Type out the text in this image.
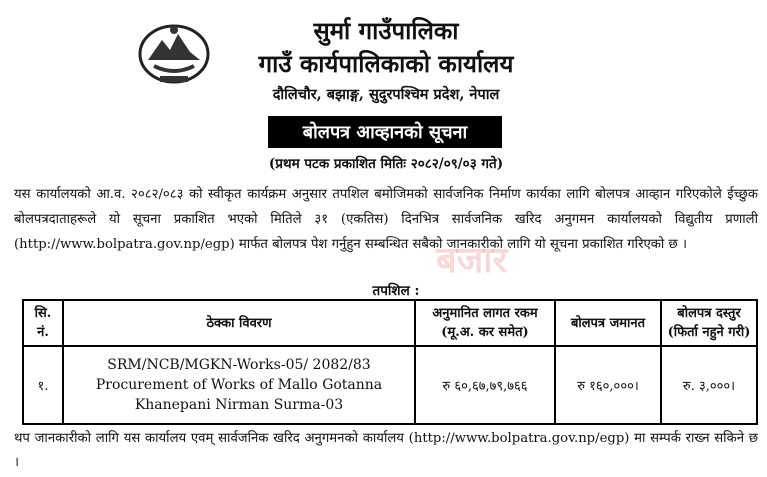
सुर्मा गाउँपालिका
गाउँ कार्यपालिकाको कार्यालय
दौलिचौर, बझाङ्ग, सुदुरपश्चिम प्रदेश, नेपाल
बोलपत्र आव्हानको सूचना
(प्रथम पटक प्रकाशित मितिः २०८२/०९/०३ गते)
यस कार्यालयको आ.व. २०८२/०८३ को स्वीकृत कार्यक्रम अनुसार तपशिल बमोजिमको सार्वजनिक निर्माण कार्यका लागि बोलपत्र आव्हान गरिएकोले ईच्छुक बोलपत्रदाताहरूले यो सूचना प्रकाशित भएको मितिले ३१ (एकतिस) दिनभित्र सार्वजनिक खरिद अनुगमन कार्यालयको विद्युतीय प्रणाली (http://www.bolpatra.gov.np/egp) मार्फत बोलपत्र पेश गर्नुहुन सम्बन्धित सबैको जानकारीको लागि यो सूचना प्रकाशित गरिएको छ ।
बजार
तपशिल :
सि. नं.	ठेक्का विवरण	अनुमानित लागत रकम (मू.अ. कर समेत)	बोलपत्र जमानत	बोलपत्र दस्तुर (फिर्ता नहुने गरी)
१.	SRM/NCB/MGKN-Works-05/ 2082/83
Procurement of Works of Mallo Gotanna
Khanepani Nirman Surma-03	रु ६०,६७,७९,७६६	रु १६०,०००।	रु. ३,०००।
थप जानकारीको लागि यस कार्यालय एवम् सार्वजनिक खरिद अनुगमनको कार्यालय (http://www.bolpatra.gov.np/egp) मा सम्पर्क राख्न सकिने छ ।
